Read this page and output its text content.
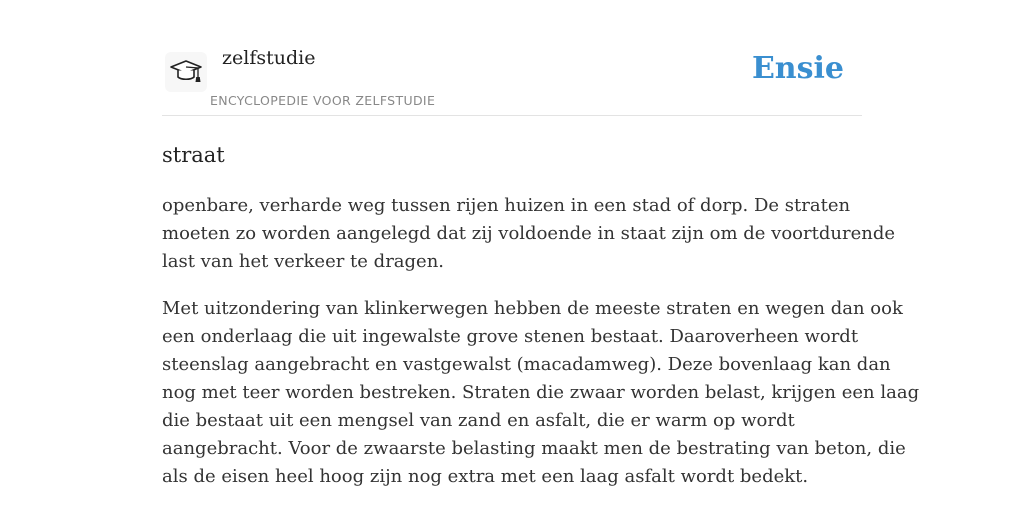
zelfstudie
ENCYCLOPEDIE VOOR ZELFSTUDIE
Ensie
straat

openbare, verharde weg tussen rijen huizen in een stad of dorp. De straten
moeten zo worden aangelegd dat zij voldoende in staat zijn om de voortdurende
last van het verkeer te dragen.

Met uitzondering van klinkerwegen hebben de meeste straten en wegen dan ook
een onderlaag die uit ingewalste grove stenen bestaat. Daaroverheen wordt
steenslag aangebracht en vastgewalst (macadamweg). Deze bovenlaag kan dan
nog met teer worden bestreken. Straten die zwaar worden belast, krijgen een laag
die bestaat uit een mengsel van zand en asfalt, die er warm op wordt
aangebracht. Voor de zwaarste belasting maakt men de bestrating van beton, die
als de eisen heel hoog zijn nog extra met een laag asfalt wordt bedekt.
